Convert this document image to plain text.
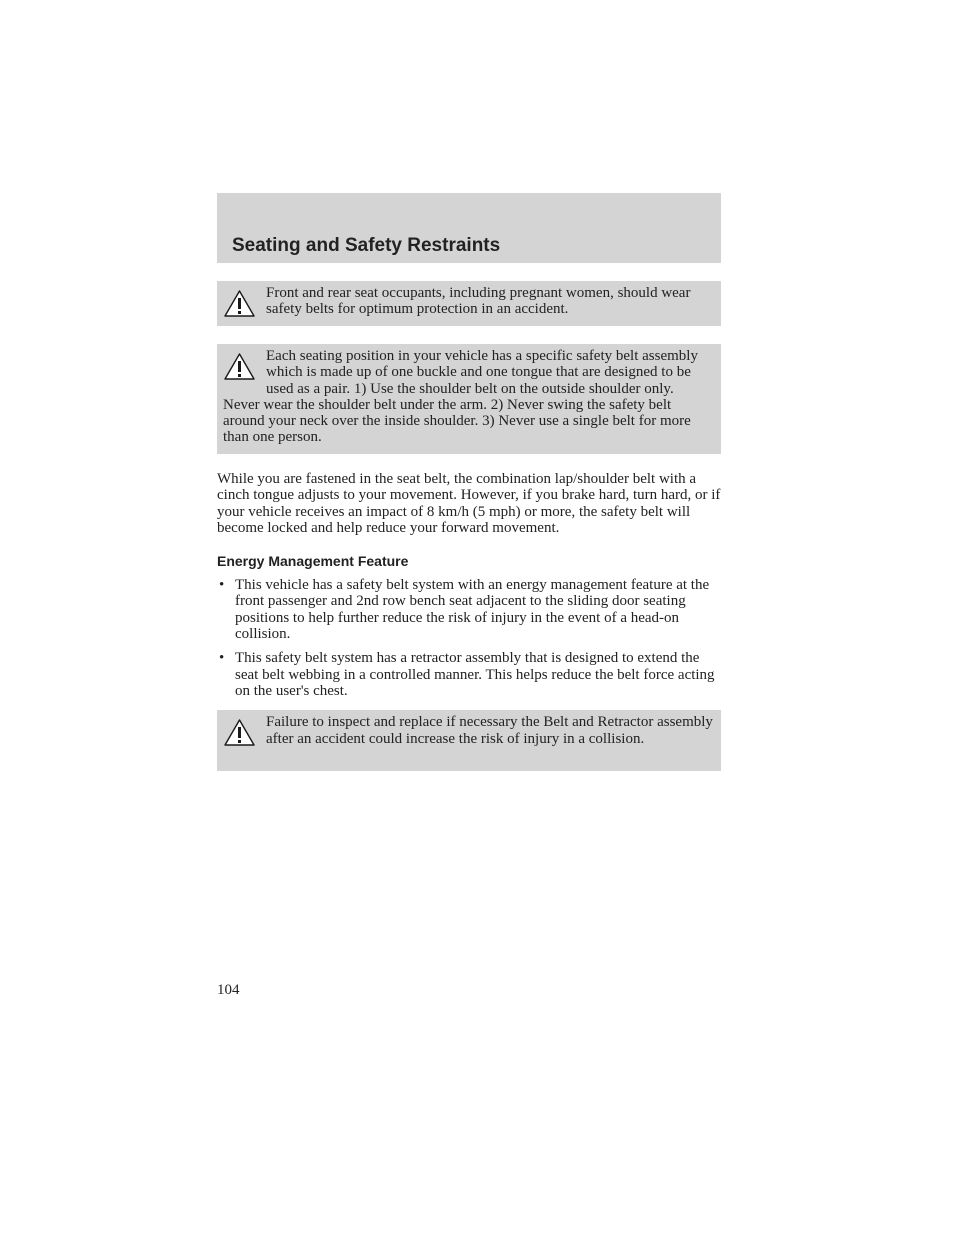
Seating and Safety Restraints

Front and rear seat occupants, including pregnant women, should wear safety belts for optimum protection in an accident.

Each seating position in your vehicle has a specific safety belt assembly which is made up of one buckle and one tongue that are designed to be used as a pair. 1) Use the shoulder belt on the outside shoulder only. Never wear the shoulder belt under the arm. 2) Never swing the safety belt around your neck over the inside shoulder. 3) Never use a single belt for more than one person.

While you are fastened in the seat belt, the combination lap/shoulder belt with a cinch tongue adjusts to your movement. However, if you brake hard, turn hard, or if your vehicle receives an impact of 8 km/h (5 mph) or more, the safety belt will become locked and help reduce your forward movement.

Energy Management Feature
• This vehicle has a safety belt system with an energy management feature at the front passenger and 2nd row bench seat adjacent to the sliding door seating positions to help further reduce the risk of injury in the event of a head-on collision.
• This safety belt system has a retractor assembly that is designed to extend the seat belt webbing in a controlled manner. This helps reduce the belt force acting on the user's chest.

Failure to inspect and replace if necessary the Belt and Retractor assembly after an accident could increase the risk of injury in a collision.

104
